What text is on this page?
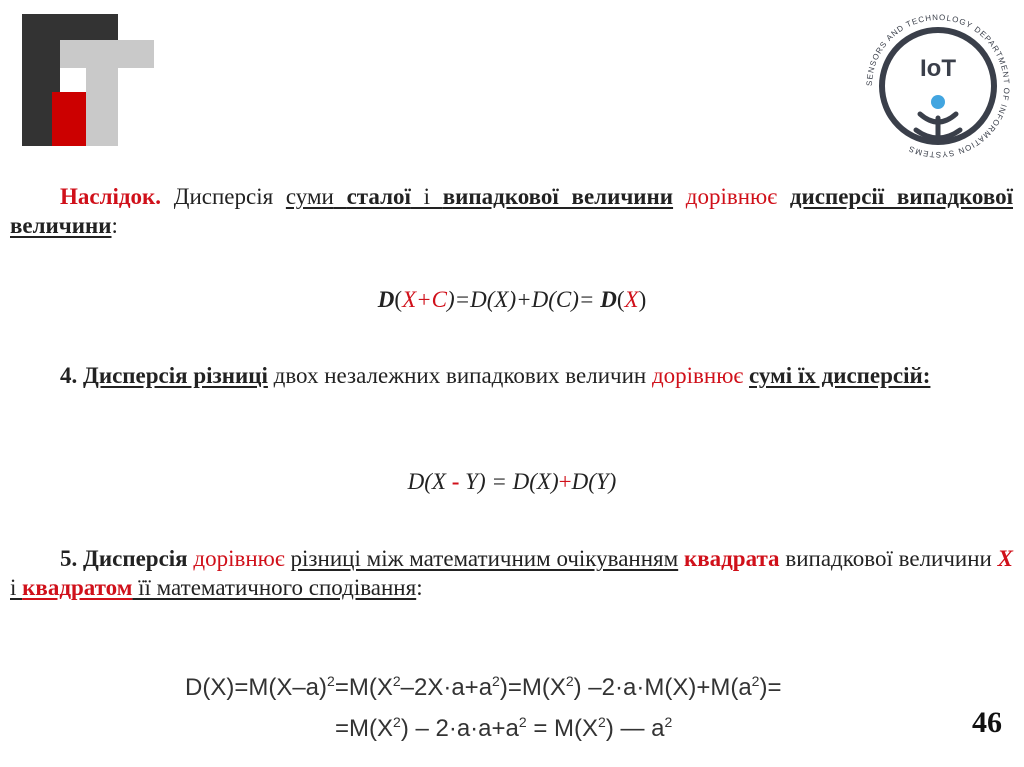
SENSORS AND TECHNOLOGY DEPARTMENT OF INFORMATION SYSTEMS
IoT
Наслідок. Дисперсія суми сталої і випадкової величини дорівнює дисперсії випадкової величини:
D(X+C)=D(X)+D(C)= D(X)
4. Дисперсія різниці двох незалежних випадкових величин дорівнює сумі їх дисперсій:
D(X - Y) = D(X)+D(Y)
5. Дисперсія дорівнює різниці між математичним очікуванням квадрата випадкової величини X і квадратом її математичного сподівання:
$D(X)=M(X-a)^2=M(X^2-2X\cdot a+a^2)=M(X^2)$ $-2\cdot a\cdot M(X)+M(a^2)=$
$=M(X^2) - 2\cdot a\cdot a+a^2 = M(X^2)$ — $a^2$	46
